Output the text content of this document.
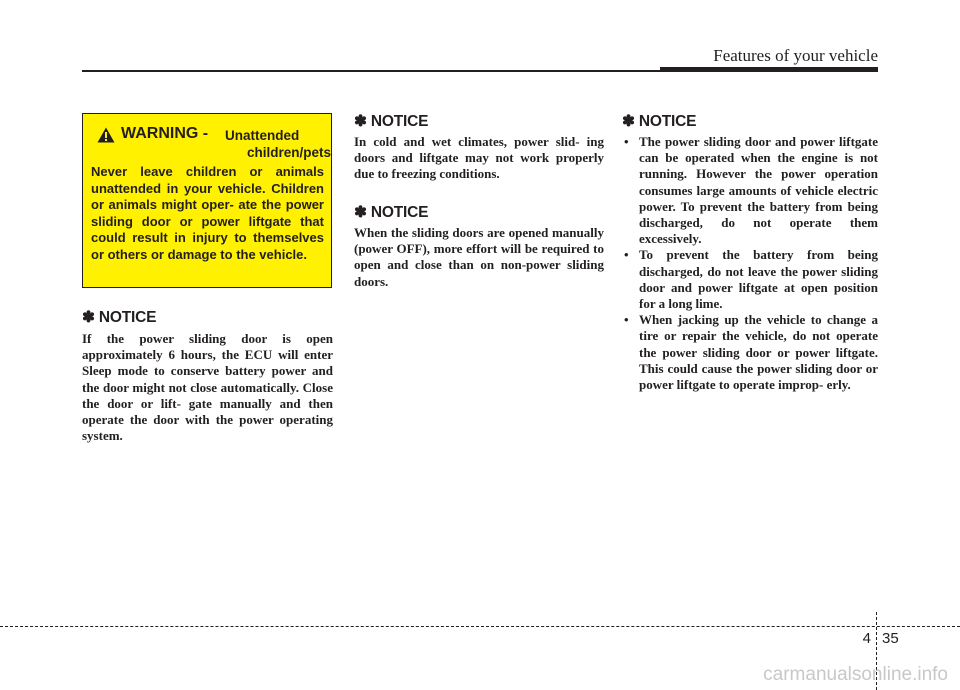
Features of your vehicle
WARNING - Unattended
children/pets
Never leave children or animals unattended in your vehicle. Children or animals might oper- ate the power sliding door or power liftgate that could result in injury to themselves or others or damage to the vehicle.
✽ NOTICE
If the power sliding door is open approximately 6 hours, the ECU will enter Sleep mode to conserve battery power and the door might not close automatically. Close the door or lift- gate manually and then operate the door with the power operating system.
✽ NOTICE
In cold and wet climates, power slid- ing doors and liftgate may not work properly due to freezing conditions.
✽ NOTICE
When the sliding doors are opened manually (power OFF), more effort will be required to open and close than on non-power sliding doors.
✽ NOTICE
• The power sliding door and power liftgate can be operated when the engine is not running. However the power operation consumes large amounts of vehicle electric power. To prevent the battery from being discharged, do not operate them excessively.
• To prevent the battery from being discharged, do not leave the power sliding door and power liftgate at open position for a long lime.
• When jacking up the vehicle to change a tire or repair the vehicle, do not operate the power sliding door or power liftgate. This could cause the power sliding door or power liftgate to operate improp- erly.
4 35
carmanualsonline.info
